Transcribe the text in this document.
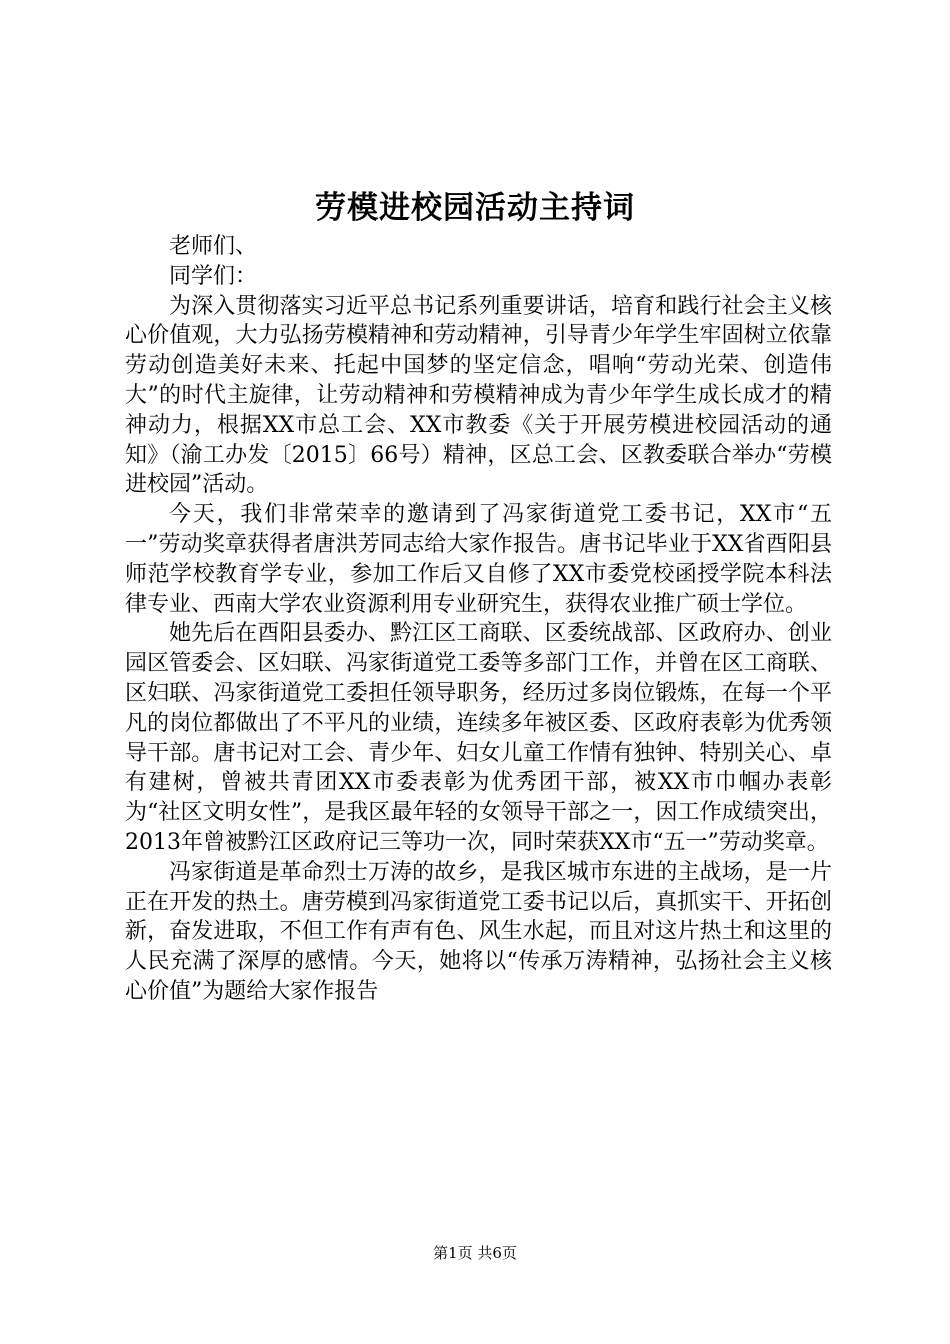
劳模进校园活动主持词

老师们、

同学们：

为深入贯彻落实习近平总书记系列重要讲话，培育和践行社会主义核心价值观，大力弘扬劳模精神和劳动精神，引导青少年学生牢固树立依靠劳动创造美好未来、托起中国梦的坚定信念，唱响“劳动光荣、创造伟大”的时代主旋律，让劳动精神和劳模精神成为青少年学生成长成才的精神动力，根据XX市总工会、XX市教委《关于开展劳模进校园活动的通知》（渝工办发〔2015〕66号）精神，区总工会、区教委联合举办“劳模进校园”活动。

今天，我们非常荣幸的邀请到了冯家街道党工委书记，XX市“五一”劳动奖章获得者唐洪芳同志给大家作报告。唐书记毕业于XX省酉阳县师范学校教育学专业，参加工作后又自修了XX市委党校函授学院本科法律专业、西南大学农业资源利用专业研究生，获得农业推广硕士学位。

她先后在酉阳县委办、黔江区工商联、区委统战部、区政府办、创业园区管委会、区妇联、冯家街道党工委等多部门工作，并曾在区工商联、区妇联、冯家街道党工委担任领导职务，经历过多岗位锻炼，在每一个平凡的岗位都做出了不平凡的业绩，连续多年被区委、区政府表彰为优秀领导干部。唐书记对工会、青少年、妇女儿童工作情有独钟、特别关心、卓有建树，曾被共青团XX市委表彰为优秀团干部，被XX市巾帼办表彰为“社区文明女性”，是我区最年轻的女领导干部之一，因工作成绩突出，2013年曾被黔江区政府记三等功一次，同时荣获XX市“五一”劳动奖章。

冯家街道是革命烈士万涛的故乡，是我区城市东进的主战场，是一片正在开发的热土。唐劳模到冯家街道党工委书记以后，真抓实干、开拓创新，奋发进取，不但工作有声有色、风生水起，而且对这片热土和这里的人民充满了深厚的感情。今天，她将以“传承万涛精神，弘扬社会主义核心价值”为题给大家作报告

第1页 共6页
